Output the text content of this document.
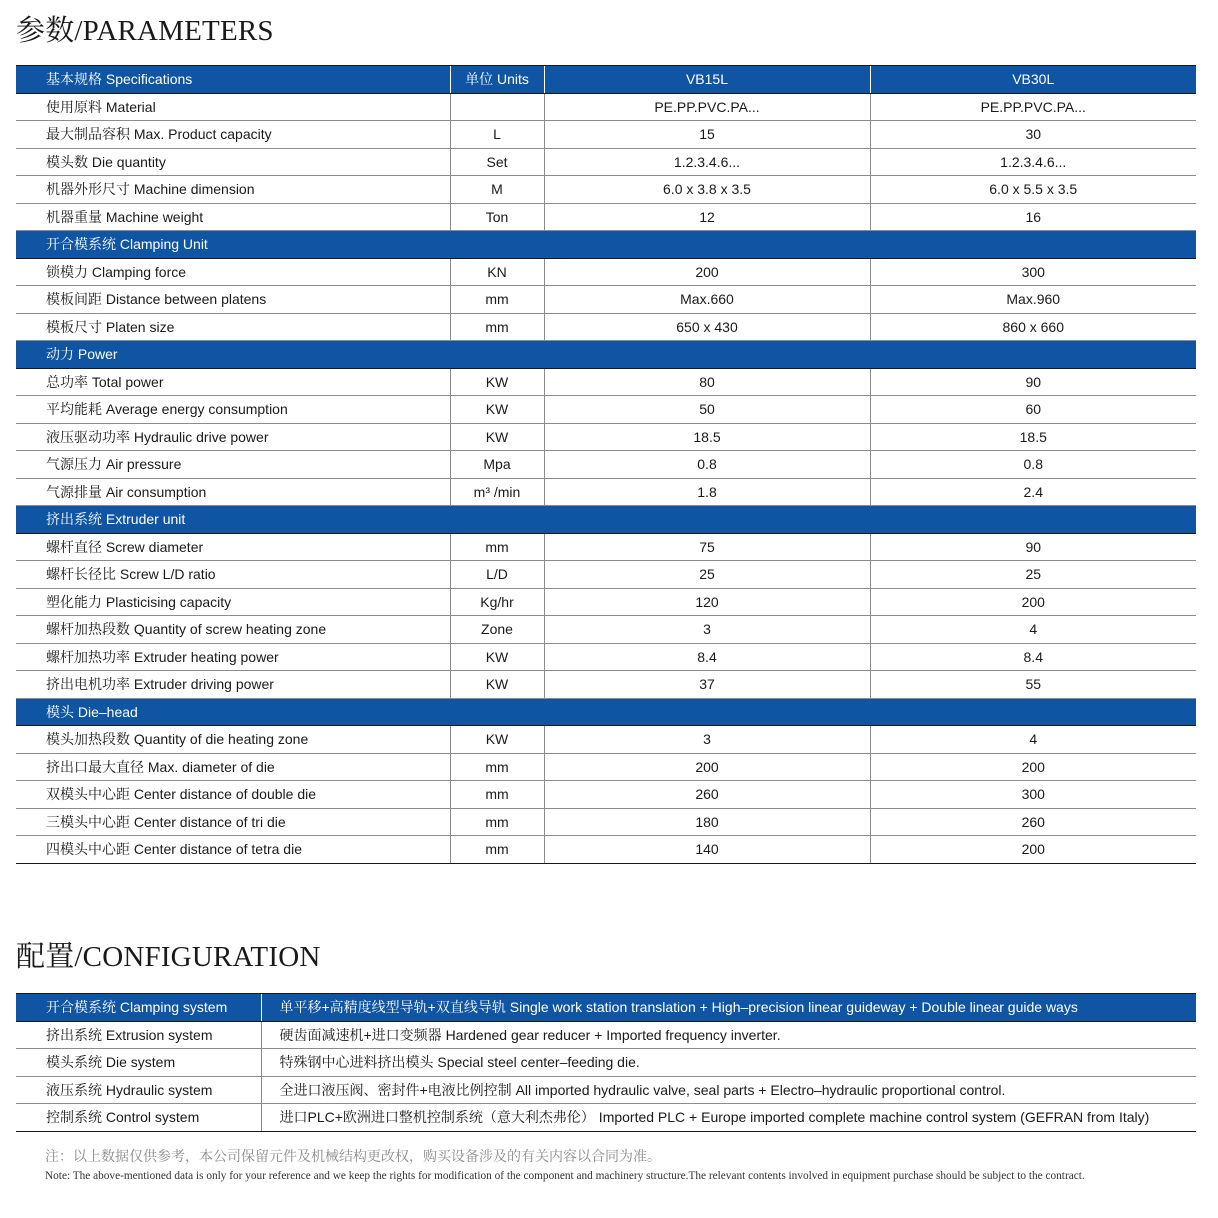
参数/PARAMETERS
基本规格 Specifications	单位 Units	VB15L	VB30L
使用原料 Material		PE.PP.PVC.PA...	PE.PP.PVC.PA...
最大制品容积 Max. Product capacity	L	15	30
模头数 Die quantity	Set	1.2.3.4.6...	1.2.3.4.6...
机器外形尺寸 Machine dimension	M	6.0 x 3.8 x 3.5	6.0 x 5.5 x 3.5
机器重量 Machine weight	Ton	12	16
开合模系统 Clamping Unit			
锁模力 Clamping force	KN	200	300
模板间距 Distance between platens	mm	Max.660	Max.960
模板尺寸 Platen size	mm	650 x 430	860 x 660
动力 Power			
总功率 Total power	KW	80	90
平均能耗 Average energy consumption	KW	50	60
液压驱动功率 Hydraulic drive power	KW	18.5	18.5
气源压力 Air pressure	Mpa	0.8	0.8
气源排量 Air consumption	m³ /min	1.8	2.4
挤出系统 Extruder unit			
螺杆直径 Screw diameter	mm	75	90
螺杆长径比 Screw L/D ratio	L/D	25	25
塑化能力 Plasticising capacity	Kg/hr	120	200
螺杆加热段数 Quantity of screw heating zone	Zone	3	4
螺杆加热功率 Extruder heating power	KW	8.4	8.4
挤出电机功率 Extruder driving power	KW	37	55
模头 Die–head			
模头加热段数 Quantity of die heating zone	KW	3	4
挤出口最大直径 Max. diameter of die	mm	200	200
双模头中心距 Center distance of double die	mm	260	300
三模头中心距 Center distance of tri die	mm	180	260
四模头中心距 Center distance of tetra die	mm	140	200
配置/CONFIGURATION
开合模系统 Clamping system	单平移+高精度线型导轨+双直线导轨 Single work station translation + High–precision linear guideway + Double linear guide ways
挤出系统 Extrusion system	硬齿面减速机+进口变频器 Hardened gear reducer + Imported frequency inverter.
模头系统 Die system	特殊钢中心进料挤出模头 Special steel center–feeding die.
液压系统 Hydraulic system	全进口液压阀、密封件+电液比例控制 All imported hydraulic valve, seal parts + Electro–hydraulic proportional control.
控制系统 Control system	进口PLC+欧洲进口整机控制系统（意大利杰弗伦） Imported PLC + Europe imported complete machine control system (GEFRAN from Italy)

注：以上数据仅供参考，本公司保留元件及机械结构更改权，购买设备涉及的有关内容以合同为准。

Note: The above-mentioned data is only for your reference and we keep the rights for modification of the component and machinery structure.The relevant contents involved in equipment purchase should be subject to the contract.
